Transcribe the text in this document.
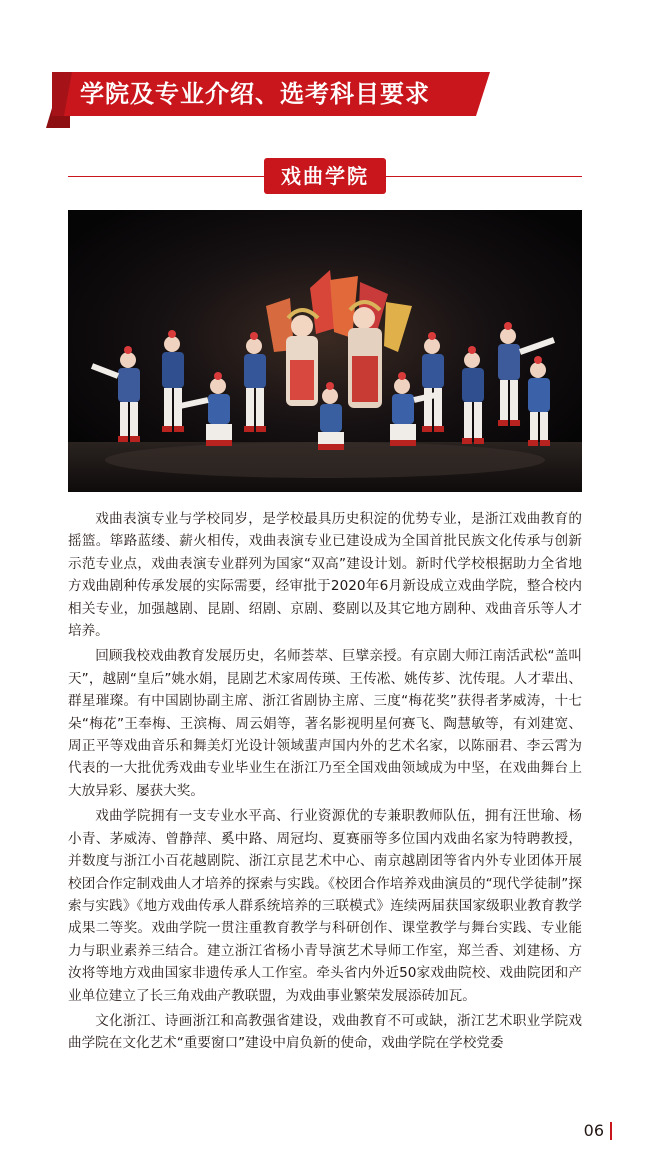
学院及专业介绍、选考科目要求
戏曲学院

戏曲表演专业与学校同岁，是学校最具历史积淀的优势专业，是浙江戏曲教育的摇篮。筚路蓝缕、薪火相传，戏曲表演专业已建设成为全国首批民族文化传承与创新示范专业点，戏曲表演专业群列为国家“双高”建设计划。新时代学校根据助力全省地方戏曲剧种传承发展的实际需要，经审批于2020年6月新设成立戏曲学院，整合校内相关专业，加强越剧、昆剧、绍剧、京剧、婺剧以及其它地方剧种、戏曲音乐等人才培养。

回顾我校戏曲教育发展历史，名师荟萃、巨擘亲授。有京剧大师江南活武松“盖叫天”，越剧“皇后”姚水娟，昆剧艺术家周传瑛、王传凇、姚传芗、沈传琨。人才辈出、群星璀璨。有中国剧协副主席、浙江省剧协主席、三度“梅花奖”获得者茅威涛，十七朵“梅花”王奉梅、王滨梅、周云娟等，著名影视明星何赛飞、陶慧敏等，有刘建宽、周正平等戏曲音乐和舞美灯光设计领域蜚声国内外的艺术名家，以陈丽君、李云霄为代表的一大批优秀戏曲专业毕业生在浙江乃至全国戏曲领域成为中坚，在戏曲舞台上大放异彩、屡获大奖。

戏曲学院拥有一支专业水平高、行业资源优的专兼职教师队伍，拥有汪世瑜、杨小青、茅威涛、曾静萍、奚中路、周冠均、夏赛丽等多位国内戏曲名家为特聘教授，并数度与浙江小百花越剧院、浙江京昆艺术中心、南京越剧团等省内外专业团体开展校团合作定制戏曲人才培养的探索与实践。《校团合作培养戏曲演员的“现代学徒制”探索与实践》《地方戏曲传承人群系统培养的三联模式》连续两届获国家级职业教育教学成果二等奖。戏曲学院一贯注重教育教学与科研创作、课堂教学与舞台实践、专业能力与职业素养三结合。建立浙江省杨小青导演艺术导师工作室，郑兰香、刘建杨、方汝将等地方戏曲国家非遗传承人工作室。牵头省内外近50家戏曲院校、戏曲院团和产业单位建立了长三角戏曲产教联盟，为戏曲事业繁荣发展添砖加瓦。

文化浙江、诗画浙江和高教强省建设，戏曲教育不可或缺，浙江艺术职业学院戏曲学院在文化艺术“重要窗口”建设中肩负新的使命，戏曲学院在学校党委

06
